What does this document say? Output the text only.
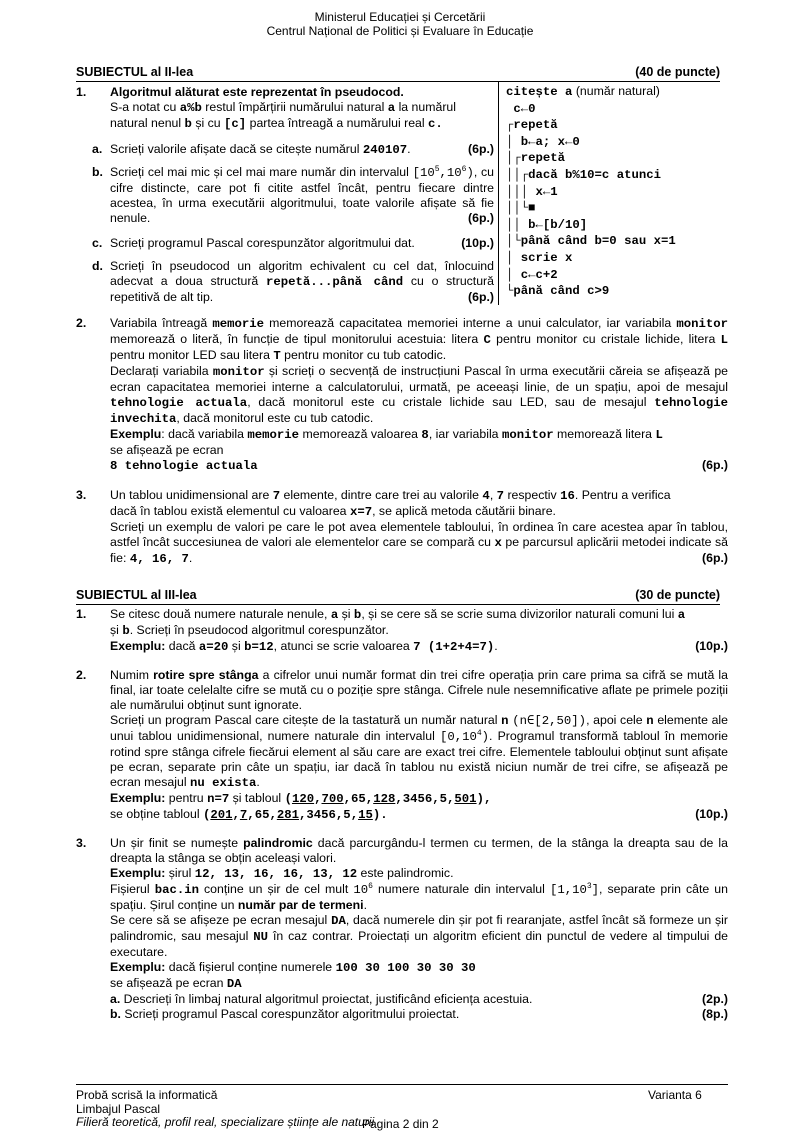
Ministerul Educației și Cercetării
Centrul Național de Politici și Evaluare în Educație
SUBIECTUL al II-lea	(40 de puncte)
1. Algoritmul alăturat este reprezentat în pseudocod.
S-a notat cu a%b restul împărțirii numărului natural a la numărul natural nenul b și cu [c] partea întreagă a numărului real c.
a. Scrieți valorile afișate dacă se citește numărul 240107.	(6p.)
b. Scrieți cel mai mic și cel mai mare număr din intervalul $[10^5,10^6)$, cu cifre distincte, care pot fi citite astfel încât, pentru fiecare dintre acestea, în urma executării algoritmului, toate valorile afișate să fie nenule.	(6p.)
c. Scrieți programul Pascal corespunzător algoritmului dat.	(10p.)
d. Scrieți în pseudocod un algoritm echivalent cu cel dat, înlocuind adecvat a doua structură repetă...până când cu o structură repetitivă de alt tip.	(6p.)
citește a (număr natural)
c←0
┌repetă
│ b←a; x←0
│┌repetă
││┌dacă b%10=c atunci
│││ x←1
││└■
││ b←[b/10]
│└până când b=0 sau x=1
│ scrie x
│ c←c+2
└până când c>9
2. Variabila întreagă memorie memorează capacitatea memoriei interne a unui calculator, iar variabila monitor memorează o literă, în funcție de tipul monitorului acestuia: litera C pentru monitor cu cristale lichide, litera L pentru monitor LED sau litera T pentru monitor cu tub catodic.

Declarați variabila monitor și scrieți o secvență de instrucțiuni Pascal în urma executării căreia se afișează pe ecran capacitatea memoriei interne a calculatorului, urmată, pe aceeași linie, de un spațiu, apoi de mesajul tehnologie actuala, dacă monitorul este cu cristale lichide sau LED, sau de mesajul tehnologie invechita, dacă monitorul este cu tub catodic.

Exemplu: dacă variabila memorie memorează valoarea 8, iar variabila monitor memorează litera L

se afișează pe ecran

8 tehnologie actuala	(6p.)

3. Un tablou unidimensional are 7 elemente, dintre care trei au valorile 4, 7 respectiv 16. Pentru a verifica

dacă în tablou există elementul cu valoarea x=7, se aplică metoda căutării binare.

Scrieți un exemplu de valori pe care le pot avea elementele tabloului, în ordinea în care acestea apar în tablou, astfel încât succesiunea de valori ale elementelor care se compară cu x pe parcursul aplicării metodei indicate să fie: 4, 16, 7.	(6p.)

SUBIECTUL al III-lea	(30 de puncte)
1. Se citesc două numere naturale nenule, a și b, și se cere să se scrie suma divizorilor naturali comuni lui a

și b. Scrieți în pseudocod algoritmul corespunzător.

Exemplu: dacă a=20 și b=12, atunci se scrie valoarea 7 (1+2+4=7).	(10p.)

2. Numim rotire spre stânga a cifrelor unui număr format din trei cifre operația prin care prima sa cifră se mută la final, iar toate celelalte cifre se mută cu o poziție spre stânga. Cifrele nule nesemnificative aflate pe primele poziții ale numărului obținut sunt ignorate.

Scrieți un program Pascal care citește de la tastatură un număr natural n (n∈[2,50]), apoi cele n elemente ale unui tablou unidimensional, numere naturale din intervalul [0,10$^4$). Programul transformă tabloul în memorie rotind spre stânga cifrele fiecărui element al său care are exact trei cifre. Elementele tabloului obținut sunt afișate pe ecran, separate prin câte un spațiu, iar dacă în tablou nu există niciun număr de trei cifre, se afișează pe ecran mesajul nu exista.

Exemplu: pentru n=7 și tabloul (120,700,65,128,3456,5,501),

se obține tabloul (201,7,65,281,3456,5,15).	(10p.)

3. Un șir finit se numește palindromic dacă parcurgându-l termen cu termen, de la stânga la dreapta sau de la dreapta la stânga se obțin aceleași valori.

Exemplu: șirul 12, 13, 16, 16, 13, 12 este palindromic.

Fișierul bac.in conține un șir de cel mult $10^6$ numere naturale din intervalul [1,10$^3$], separate prin câte un spațiu. Șirul conține un număr par de termeni.

Se cere să se afișeze pe ecran mesajul DA, dacă numerele din șir pot fi rearanjate, astfel încât să formeze un șir palindromic, sau mesajul NU în caz contrar. Proiectați un algoritm eficient din punctul de vedere al timpului de executare.

Exemplu: dacă fișierul conține numerele 100 30 100 30 30 30

se afișează pe ecran DA

a. Descrieți în limbaj natural algoritmul proiectat, justificând eficiența acestuia.	(2p.)

b. Scrieți programul Pascal corespunzător algoritmului proiectat.	(8p.)

Probă scrisă la informatică
Limbajul Pascal
Filieră teoretică, profil real, specializare științe ale naturii
Varianta 6
Pagina 2 din 2
